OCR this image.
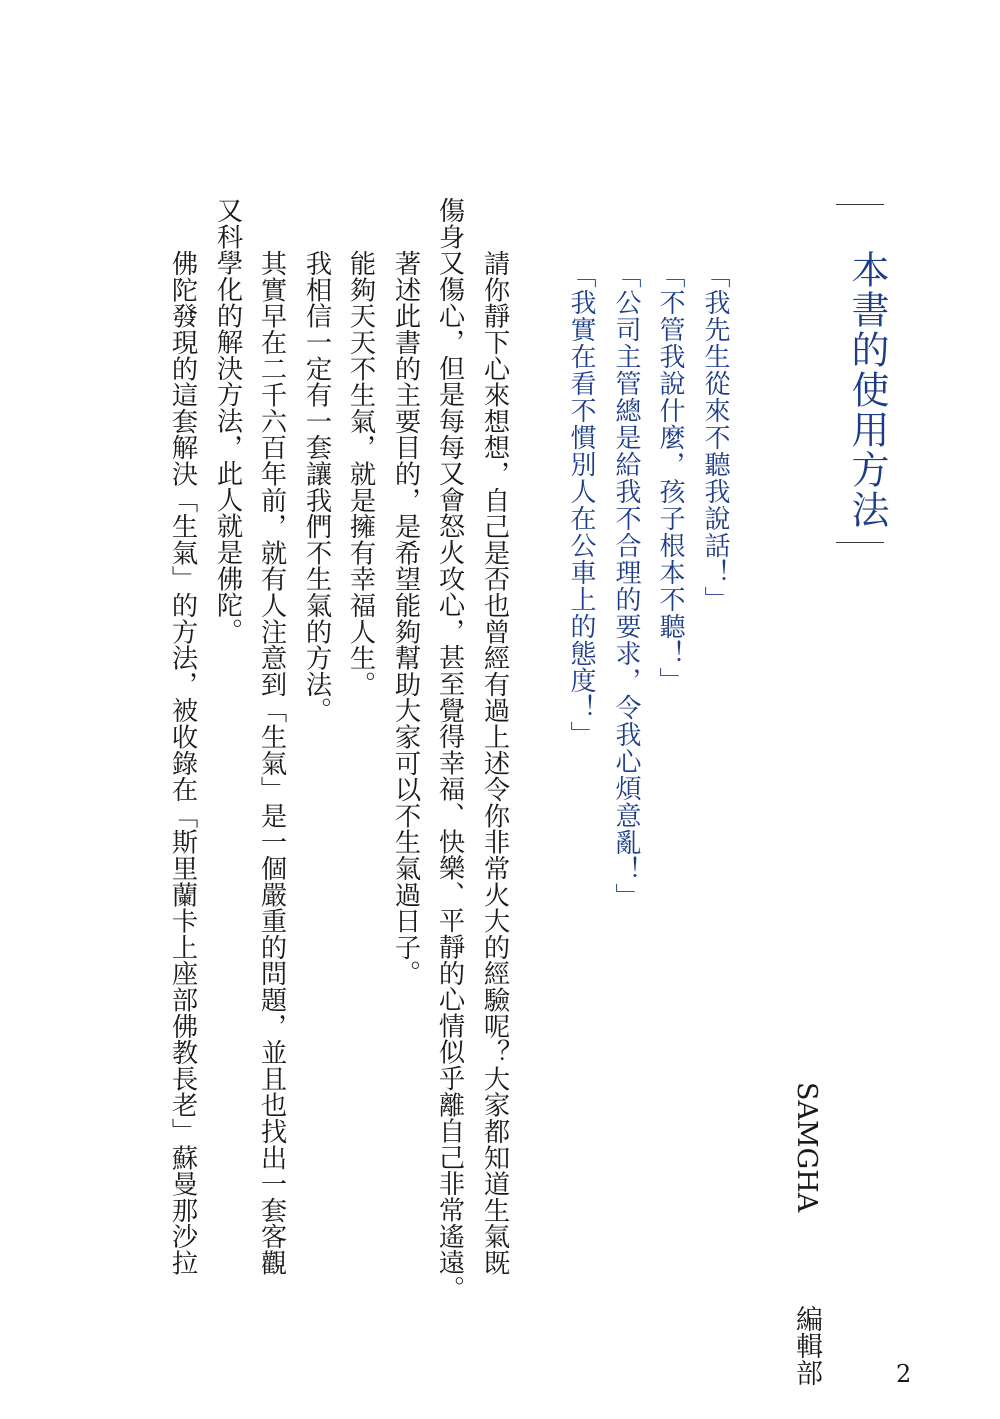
本書的使用方法
「我先生從來不聽我說話！」
「不管我說什麼，孩子根本不聽！」
「公司主管總是給我不合理的要求，令我心煩意亂！」
「我實在看不慣別人在公車上的態度！」
SAMGHA   編輯部
請你靜下心來想想，自己是否也曾經有過上述令你非常火大的經驗呢？大家都知道生氣既
傷身又傷心，但是每每又會怒火攻心，甚至覺得幸福、快樂、平靜的心情似乎離自己非常遙遠。
著述此書的主要目的，是希望能夠幫助大家可以不生氣過日子。
能夠天天不生氣，就是擁有幸福人生。
我相信一定有一套讓我們不生氣的方法。
其實早在二千六百年前，就有人注意到「生氣」是一個嚴重的問題，並且也找出一套客觀
又科學化的解決方法，此人就是佛陀。
佛陀發現的這套解決「生氣」的方法，被收錄在「斯里蘭卡上座部佛教長老」蘇曼那沙拉
2
